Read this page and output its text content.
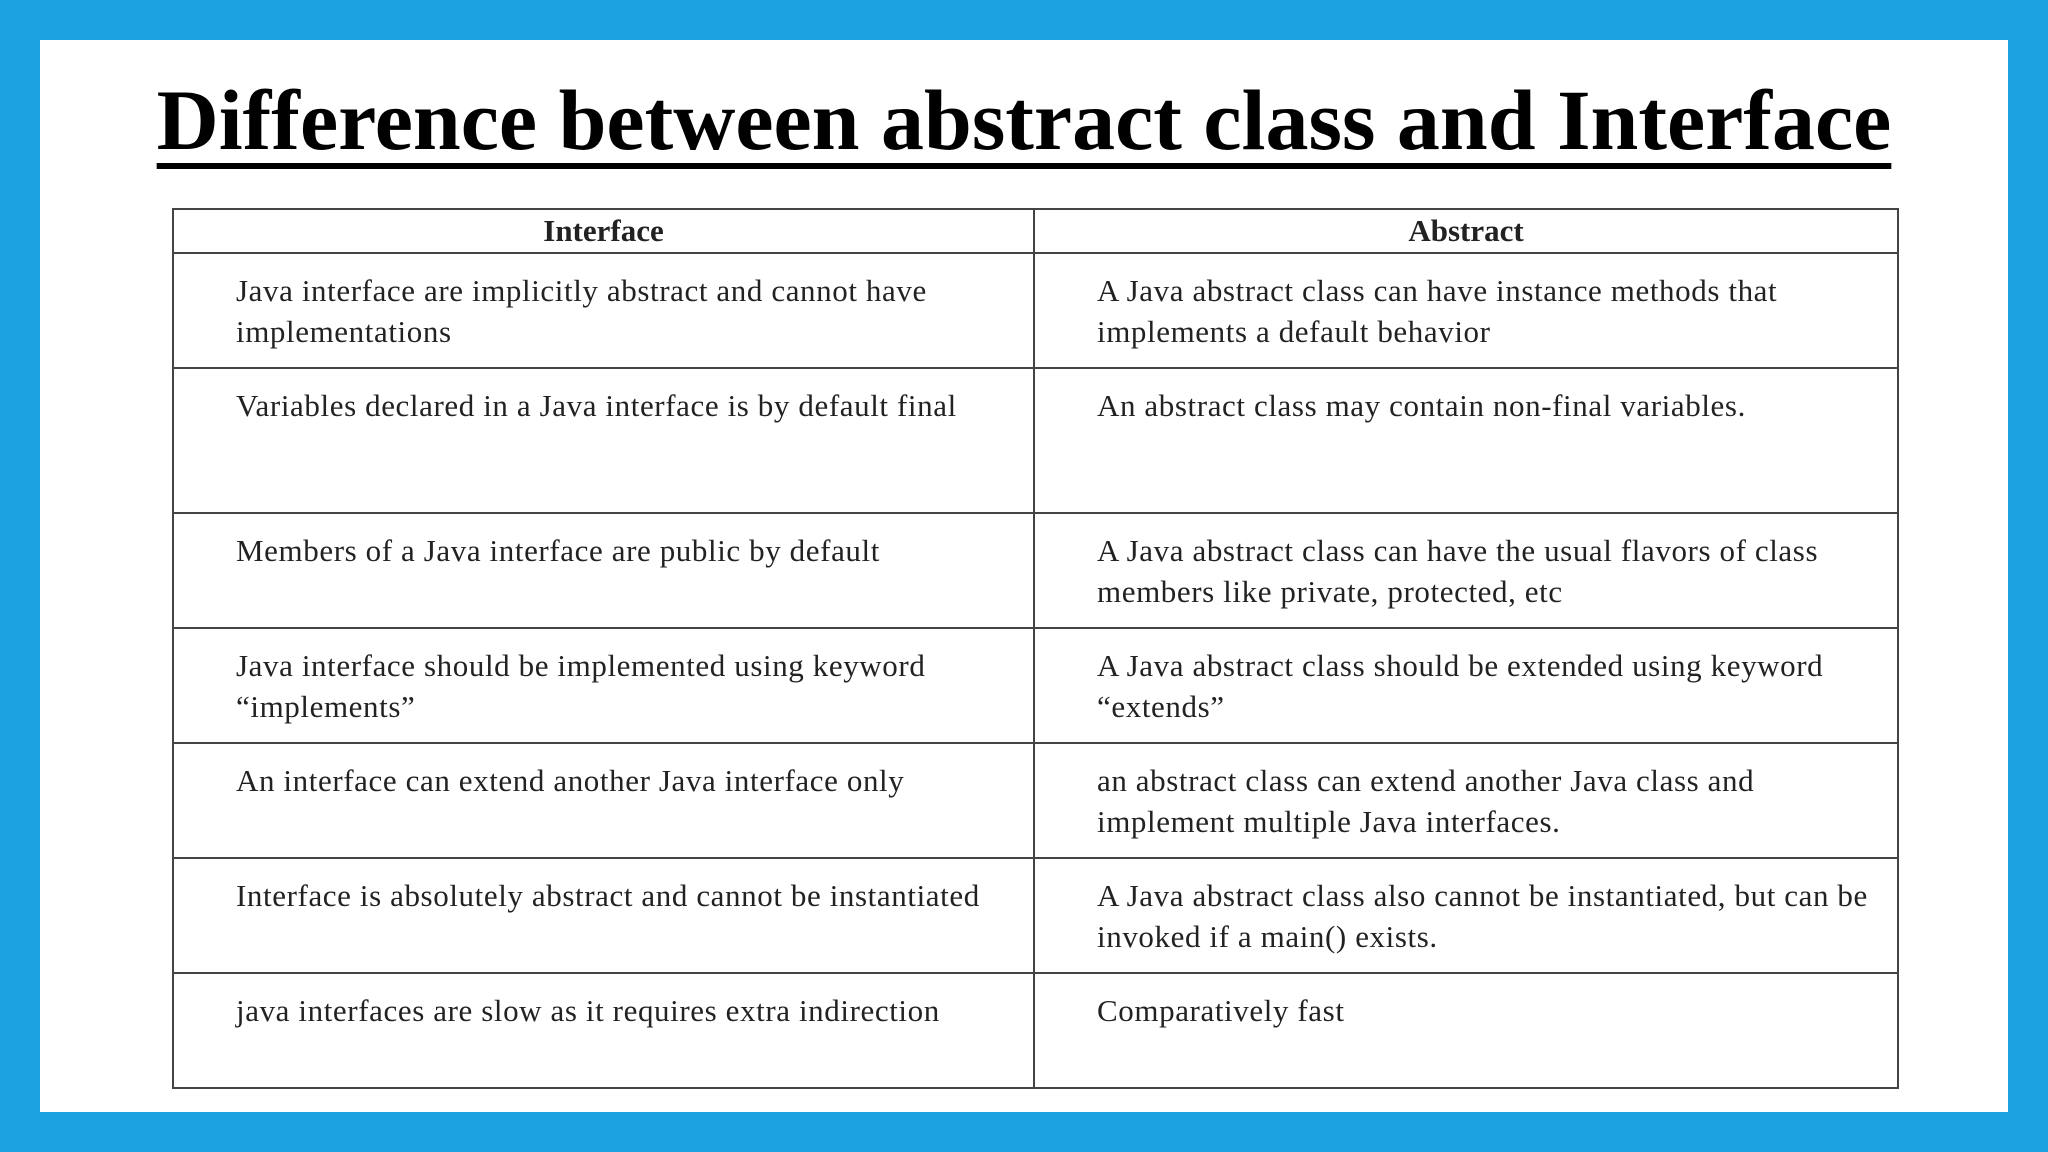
Difference between abstract class and Interface
Interface	Abstract

Java interface are implicitly abstract and cannot have implementations	A Java abstract class can have instance methods that implements a default behavior

Variables declared in a Java interface is by default final	An abstract class may contain non-final variables.

Members of a Java interface are public by default	A Java abstract class can have the usual flavors of class members like private, protected, etc

Java interface should be implemented using keyword “implements”	A Java abstract class should be extended using keyword “extends”

An interface can extend another Java interface only	an abstract class can extend another Java class and implement multiple Java interfaces.

Interface is absolutely abstract and cannot be instantiated	A Java abstract class also cannot be instantiated, but can be invoked if a main() exists.

java interfaces are slow as it requires extra indirection	Comparatively fast
